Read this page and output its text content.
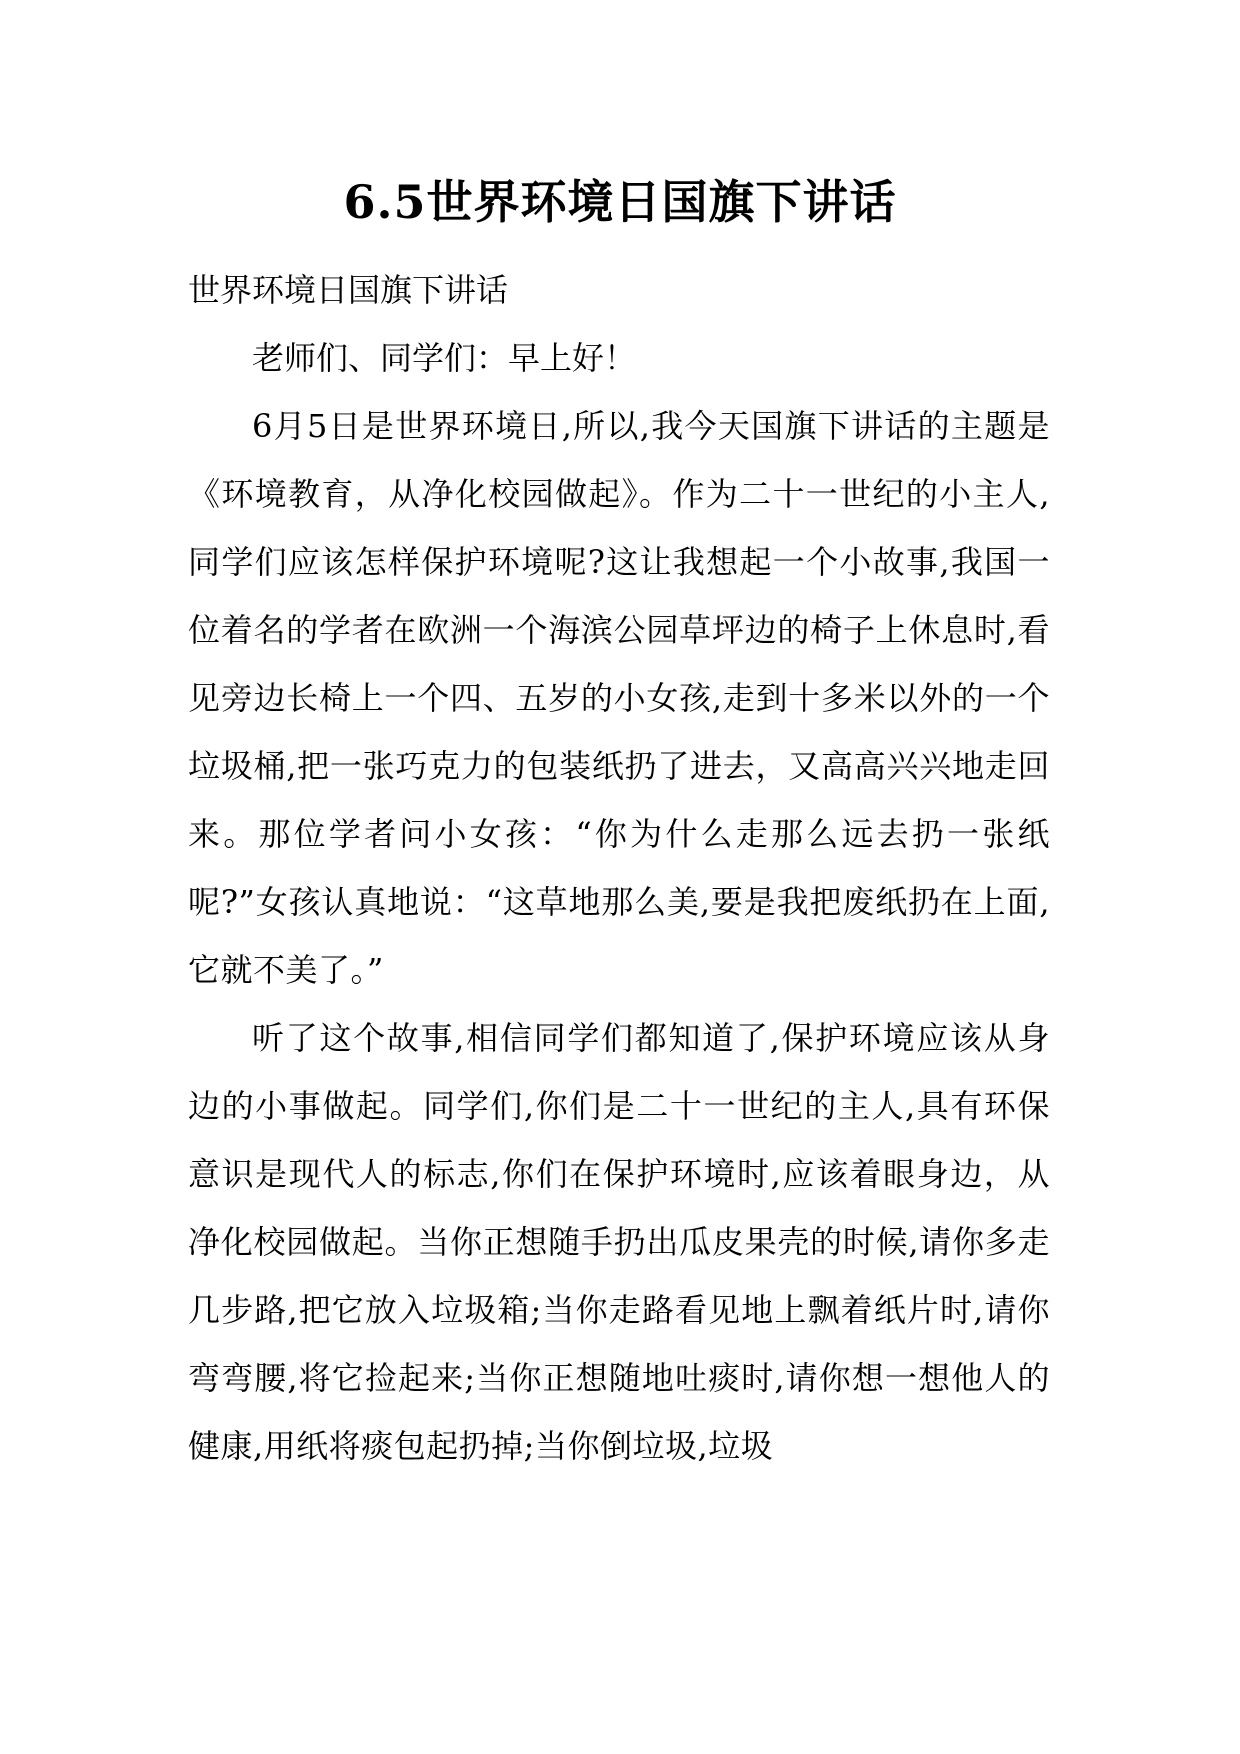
6.5世界环境日国旗下讲话

世界环境日国旗下讲话

老师们、同学们：早上好！

6月5日是世界环境日,所以,我今天国旗下讲话的主题是《环境教育，从净化校园做起》。作为二十一世纪的小主人,同学们应该怎样保护环境呢?这让我想起一个小故事,我国一位着名的学者在欧洲一个海滨公园草坪边的椅子上休息时,看见旁边长椅上一个四、五岁的小女孩,走到十多米以外的一个垃圾桶,把一张巧克力的包装纸扔了进去，又高高兴兴地走回来。那位学者问小女孩：“你为什么走那么远去扔一张纸呢?”女孩认真地说：“这草地那么美,要是我把废纸扔在上面,它就不美了。”

听了这个故事,相信同学们都知道了,保护环境应该从身边的小事做起。同学们,你们是二十一世纪的主人,具有环保意识是现代人的标志,你们在保护环境时,应该着眼身边，从净化校园做起。当你正想随手扔出瓜皮果壳的时候,请你多走几步路,把它放入垃圾箱;当你走路看见地上飘着纸片时,请你弯弯腰,将它捡起来;当你正想随地吐痰时,请你想一想他人的健康,用纸将痰包起扔掉;当你倒垃圾,垃圾
